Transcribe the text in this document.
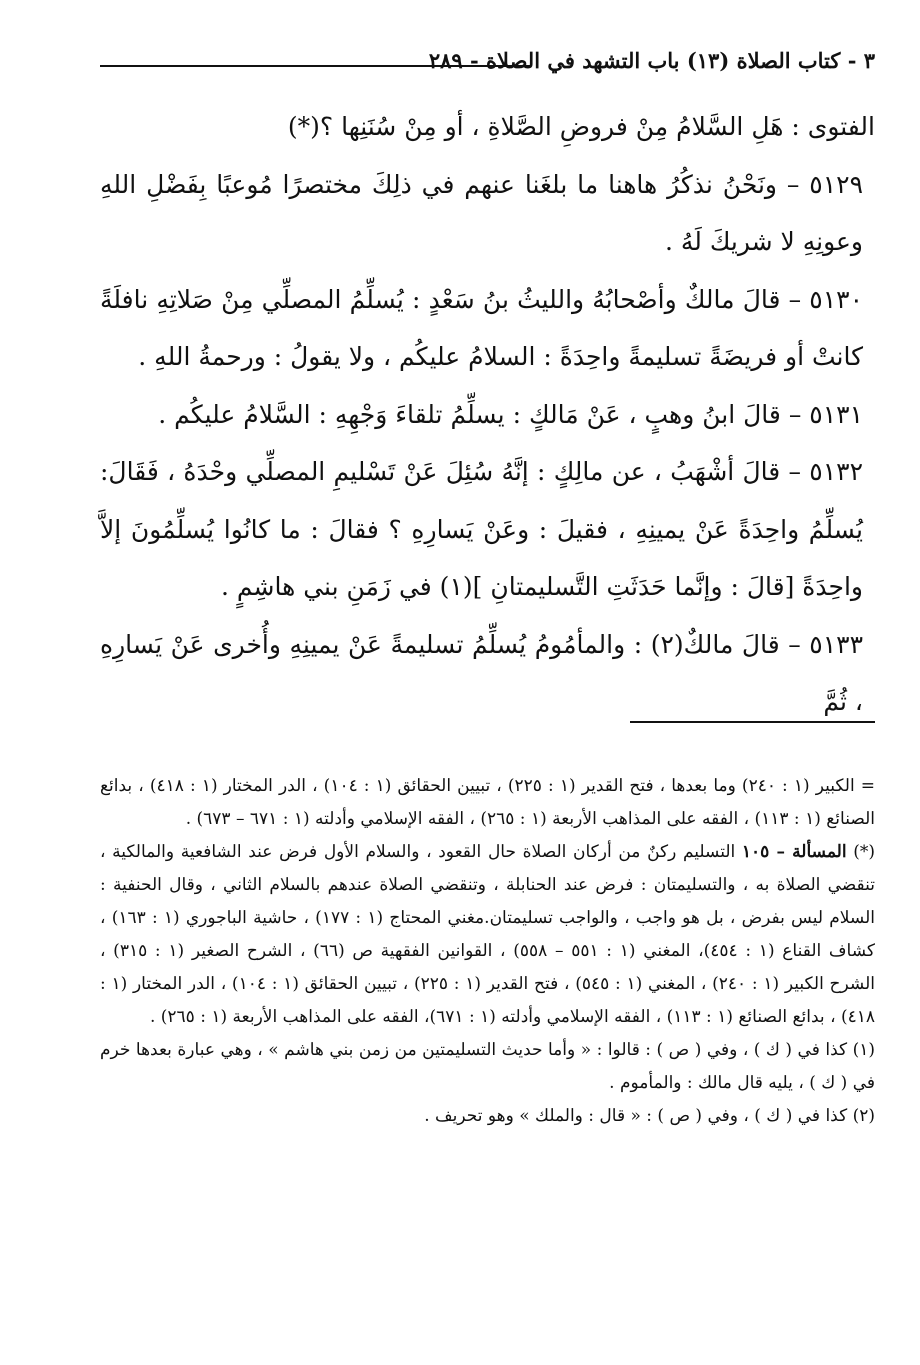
٣ - كتاب الصلاة (١٣) باب التشهد في الصلاة - ٢٨٩

الفتوى : هَلِ السَّلامُ مِنْ فروضِ الصَّلاةِ ، أو مِنْ سُنَنِها ؟(*)

٥١٢٩ – ونَحْنُ نذكُرُ هاهنا ما بلغَنا عنهم في ذلِكَ مختصرًا مُوعبًا بِفَضْلِ اللهِ وعونِهِ لا شريكَ لَهُ .

٥١٣٠ – قالَ مالكٌ وأصْحابُهُ والليثُ بنُ سَعْدٍ : يُسلِّمُ المصلِّي مِنْ صَلاتِهِ نافلَةً كانتْ أو فريضَةً تسليمةً واحِدَةً : السلامُ عليكُم ، ولا يقولُ : ورحمةُ اللهِ .

٥١٣١ – قالَ ابنُ وهبٍ ، عَنْ مَالكٍ : يسلِّمُ تلقاءَ وَجْهِهِ : السَّلامُ عليكُم .

٥١٣٢ – قالَ أشْهَبُ ، عن مالِكٍ : إنَّهُ سُئِلَ عَنْ تَسْليمِ المصلِّي وحْدَهُ ، فَقَالَ: يُسلِّمُ واحِدَةً عَنْ يمينِهِ ، فقيلَ : وعَنْ يَسارِهِ ؟ فقالَ : ما كانُوا يُسلِّمُونَ إلاَّ واحِدَةً [قالَ : وإنَّما حَدَثَتِ التَّسليمتانِ ](١) في زَمَنِ بني هاشِمٍ .

٥١٣٣ – قالَ مالكٌ(٢) : والمأمُومُ يُسلِّمُ تسليمةً عَنْ يمينِهِ وأُخرى عَنْ يَسارِهِ ، ثُمَّ

= الكبير (١ : ٢٤٠) وما بعدها ، فتح القدير (١ : ٢٢٥) ، تبيين الحقائق (١ : ١٠٤) ، الدر المختار (١ : ٤١٨) ، بدائع الصنائع (١ : ١١٣) ، الفقه على المذاهب الأربعة (١ : ٢٦٥) ، الفقه الإسلامي وأدلته (١ : ٦٧١ – ٦٧٣) .

(*) المسألة – ١٠٥ التسليم ركنٌ من أركان الصلاة حال القعود ، والسلام الأول فرض عند الشافعية والمالكية ، تنقضي الصلاة به ، والتسليمتان : فرض عند الحنابلة ، وتنقضي الصلاة عندهم بالسلام الثاني ، وقال الحنفية : السلام ليس بفرض ، بل هو واجب ، والواجب تسليمتان.مغني المحتاج (١ : ١٧٧) ، حاشية الباجوري (١ : ١٦٣) ، كشاف القناع (١ : ٤٥٤)، المغني (١ : ٥٥١ – ٥٥٨) ، القوانين الفقهية ص (٦٦) ، الشرح الصغير (١ : ٣١٥) ، الشرح الكبير (١ : ٢٤٠) ، المغني (١ : ٥٤٥) ، فتح القدير (١ : ٢٢٥) ، تبيين الحقائق (١ : ١٠٤) ، الدر المختار (١ : ٤١٨) ، بدائع الصنائع (١ : ١١٣) ، الفقه الإسلامي وأدلته (١ : ٦٧١)، الفقه على المذاهب الأربعة (١ : ٢٦٥) .

(١) كذا في ( ك ) ، وفي ( ص ) : قالوا : « وأما حديث التسليمتين من زمن بني هاشم » ، وهي عبارة بعدها خرم في ( ك ) ، يليه قال مالك : والمأموم .

(٢) كذا في ( ك ) ، وفي ( ص ) : « قال : والملك » وهو تحريف .
